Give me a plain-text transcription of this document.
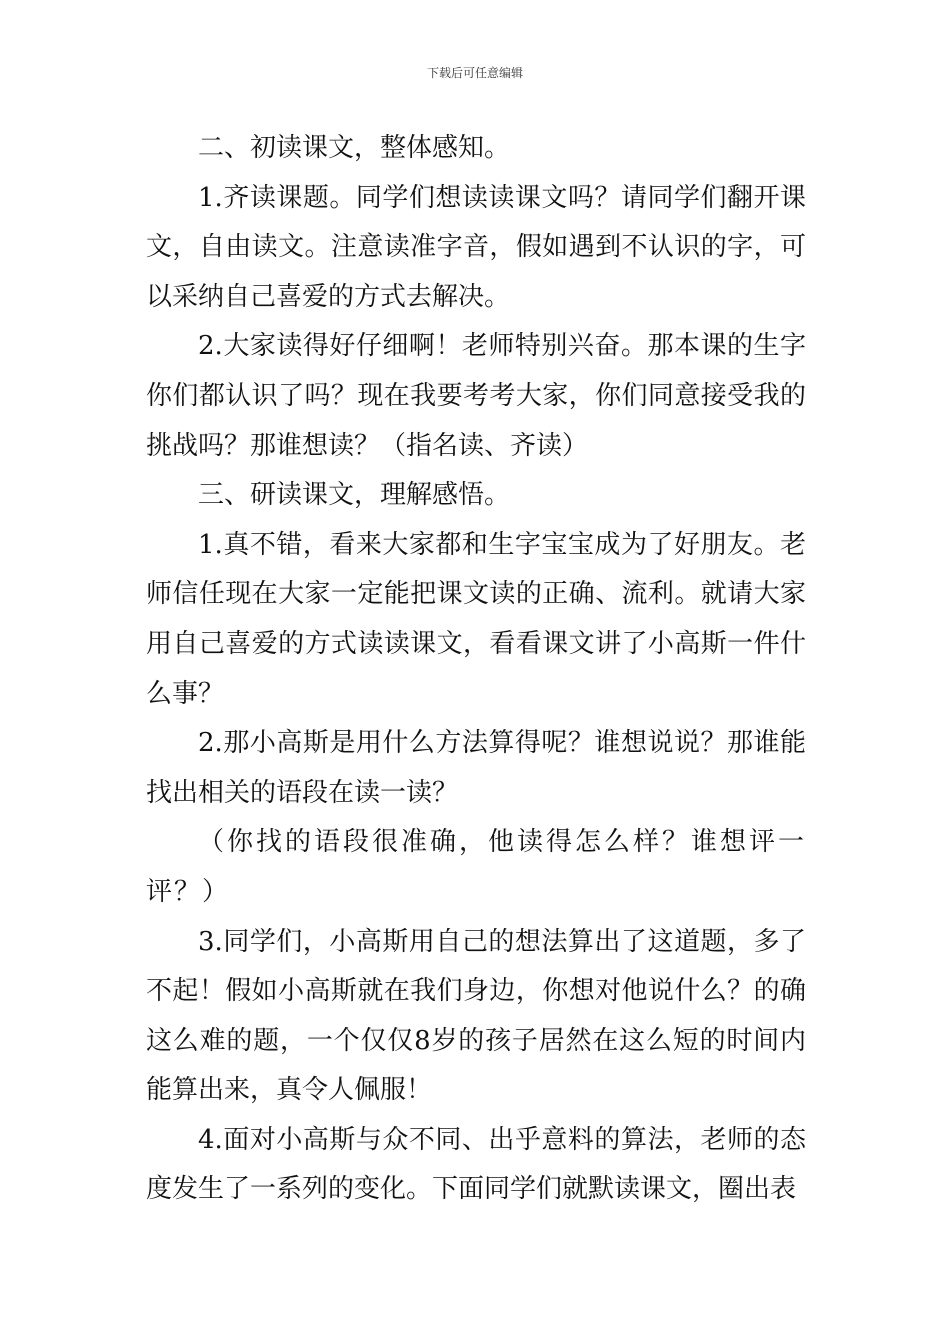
下载后可任意编辑

二、初读课文，整体感知。

1.齐读课题。同学们想读读课文吗？请同学们翻开课文，自由读文。注意读准字音，假如遇到不认识的字，可以采纳自己喜爱的方式去解决。

2.大家读得好仔细啊！老师特别兴奋。那本课的生字你们都认识了吗？现在我要考考大家，你们同意接受我的挑战吗？那谁想读？（指名读、齐读）

三、研读课文，理解感悟。

1.真不错，看来大家都和生字宝宝成为了好朋友。老师信任现在大家一定能把课文读的正确、流利。就请大家用自己喜爱的方式读读课文，看看课文讲了小高斯一件什么事？

2.那小高斯是用什么方法算得呢？谁想说说？那谁能找出相关的语段在读一读？

（你找的语段很准确，他读得怎么样？谁想评一评？）

3.同学们，小高斯用自己的想法算出了这道题，多了不起！假如小高斯就在我们身边，你想对他说什么？的确这么难的题，一个仅仅8岁的孩子居然在这么短的时间内能算出来，真令人佩服！

4.面对小高斯与众不同、出乎意料的算法，老师的态度发生了一系列的变化。下面同学们就默读课文，圈出表
